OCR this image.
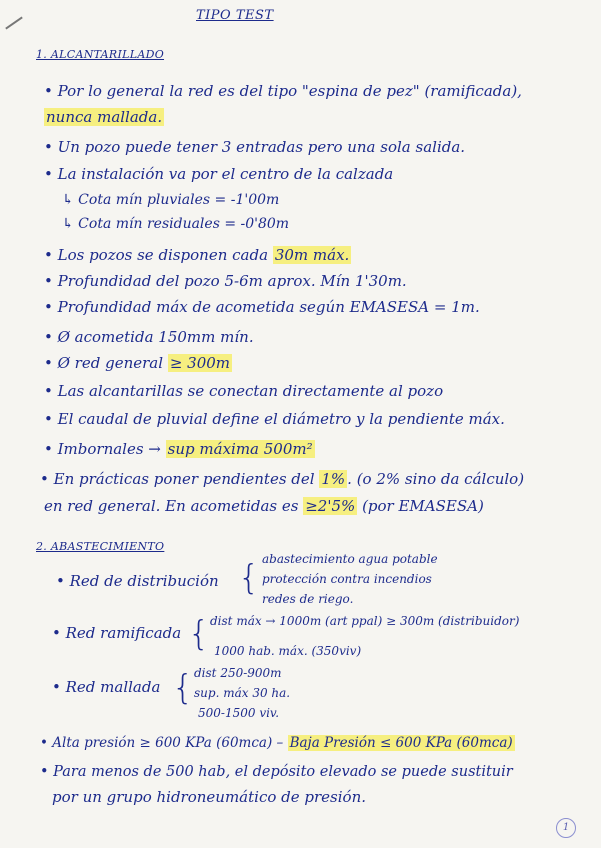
TIPO TEST
1. ALCANTARILLADO
• Por lo general la red es del tipo "espina de pez" (ramificada),
nunca mallada.
• Un pozo puede tener 3 entradas pero una sola salida.
• La instalación va por el centro de la calzada
↳ Cota mín pluviales = -1'00m
↳ Cota mín residuales = -0'80m
• Los pozos se disponen cada 30m máx.
• Profundidad del pozo 5-6m aprox. Mín 1'30m.
• Profundidad máx de acometida según EMASESA = 1m.
• Ø acometida 150mm mín.
• Ø red general ≥ 300m
• Las alcantarillas se conectan directamente al pozo
• El caudal de pluvial define el diámetro y la pendiente máx.
• Imbornales → sup máxima 500m²
• En prácticas poner pendientes del 1% . (o 2% sino da cálculo)
en red general. En acometidas es ≥2'5% (por EMASESA)
2. ABASTECIMIENTO
• Red de distribución { abastecimiento agua potable
protección contra incendios
redes de riego.
• Red ramificada { dist máx → 1000m (art ppal) ≥ 300m (distribuidor)
1000 hab. máx. (350viv)
• Red mallada { dist 250-900m
sup. máx 30 ha.
500-1500 viv.
• Alta presión ≥ 600 KPa (60mca) – Baja Presión ≤ 600 KPa (60mca)
• Para menos de 500 hab, el depósito elevado se puede sustituir
por un grupo hidroneumático de presión.
1
